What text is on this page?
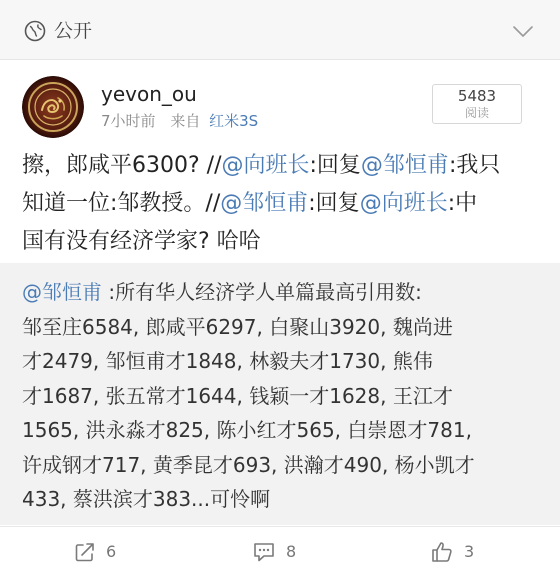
公开
yevon_ou
7小时前 来自 红米3S
5483
阅读
擦，郎咸平6300? //@向班长:回复@邹恒甫:我只
知道一位:邹教授。//@邹恒甫:回复@向班长:中
国有没有经济学家? 哈哈
@邹恒甫 :所有华人经济学人单篇最高引用数:
邹至庄6584, 郎咸平6297, 白聚山3920, 魏尚进
才2479, 邹恒甫才1848, 林毅夫才1730, 熊伟
才1687, 张五常才1644, 钱颖一才1628, 王江才
1565, 洪永淼才825, 陈小红才565, 白崇恩才781,
许成钢才717, 黄季昆才693, 洪瀚才490, 杨小凯才
433, 蔡洪滨才383...可怜啊
6	8	3
